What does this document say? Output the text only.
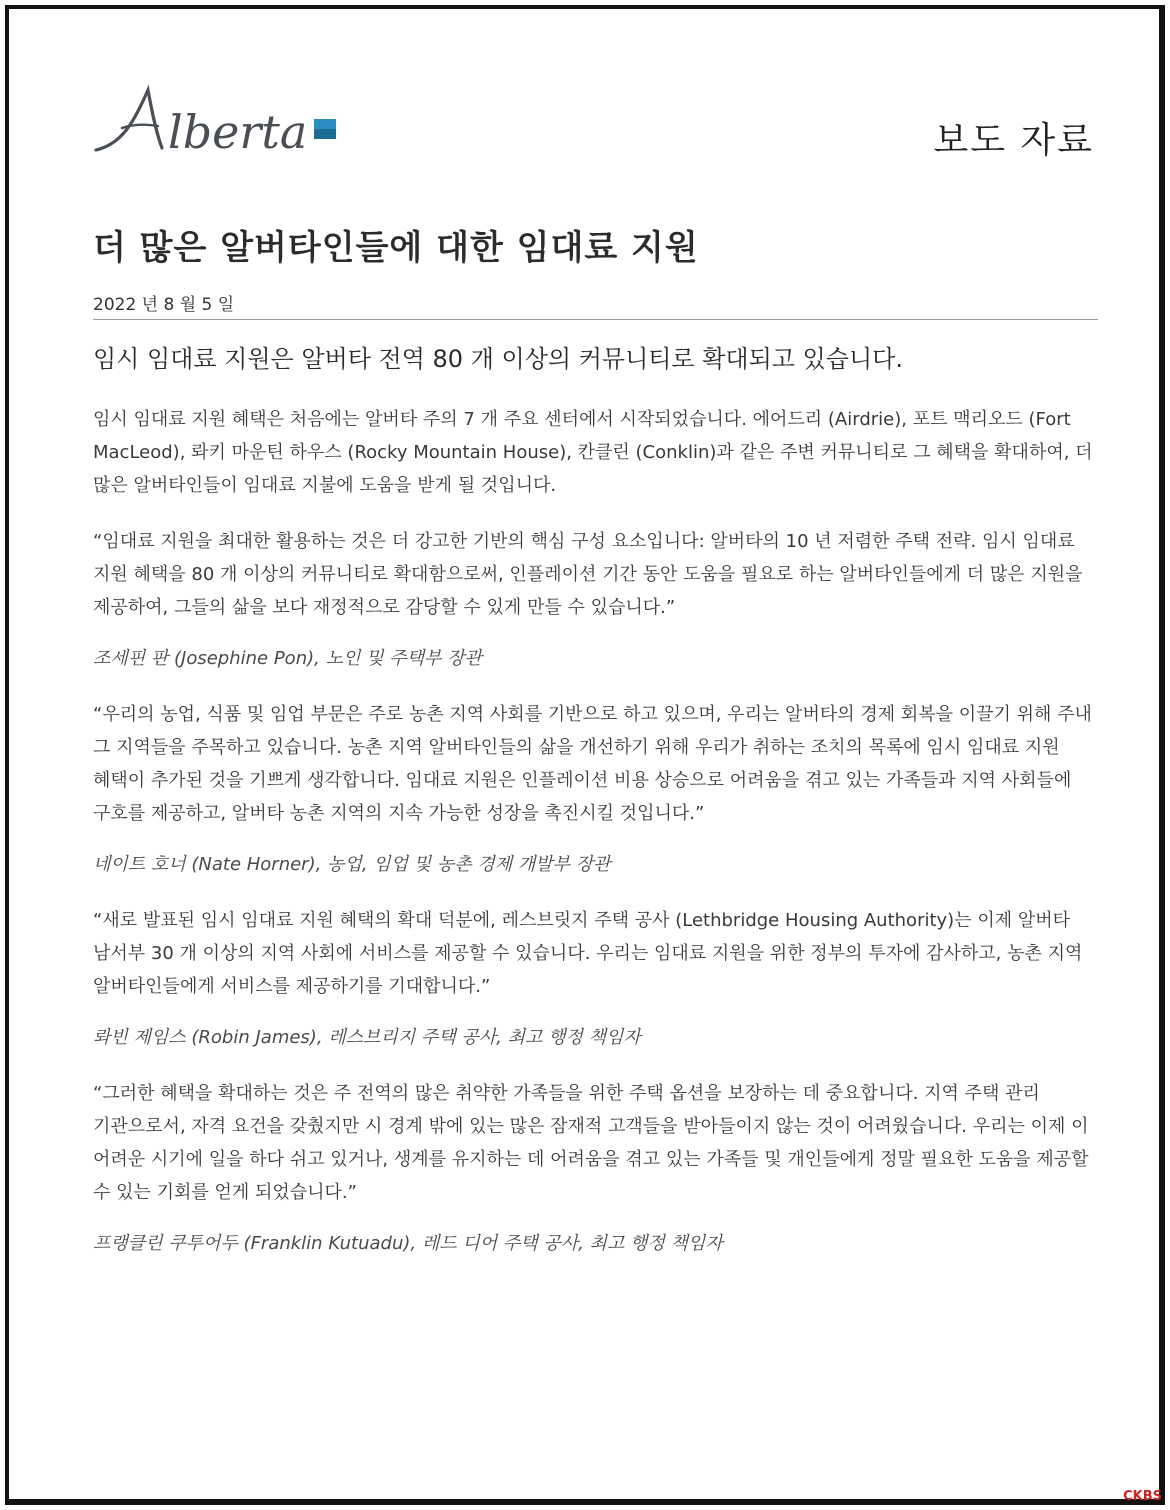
lberta	보도 자료
더 많은 알버타인들에 대한 임대료 지원
2022 년 8 월 5 일
임시 임대료 지원은 알버타 전역 80 개 이상의 커뮤니티로 확대되고 있습니다.

임시 임대료 지원 혜택은 처음에는 알버타 주의 7 개 주요 센터에서 시작되었습니다. 에어드리 (Airdrie), 포트 맥리오드 (Fort MacLeod), 롸키 마운틴 하우스 (Rocky Mountain House), 칸클린 (Conklin)과 같은 주변 커뮤니티로 그 혜택을 확대하여, 더 많은 알버타인들이 임대료 지불에 도움을 받게 될 것입니다.

“임대료 지원을 최대한 활용하는 것은 더 강고한 기반의 핵심 구성 요소입니다: 알버타의 10 년 저렴한 주택 전략. 임시 임대료 지원 혜택을 80 개 이상의 커뮤니티로 확대함으로써, 인플레이션 기간 동안 도움을 필요로 하는 알버타인들에게 더 많은 지원을 제공하여, 그들의 삶을 보다 재정적으로 감당할 수 있게 만들 수 있습니다.”

조세핀 판 (Josephine Pon), 노인 및 주택부 장관

“우리의 농업, 식품 및 임업 부문은 주로 농촌 지역 사회를 기반으로 하고 있으며, 우리는 알버타의 경제 회복을 이끌기 위해 주내 그 지역들을 주목하고 있습니다. 농촌 지역 알버타인들의 삶을 개선하기 위해 우리가 취하는 조치의 목록에 임시 임대료 지원 혜택이 추가된 것을 기쁘게 생각합니다. 임대료 지원은 인플레이션 비용 상승으로 어려움을 겪고 있는 가족들과 지역 사회들에 구호를 제공하고, 알버타 농촌 지역의 지속 가능한 성장을 촉진시킬 것입니다.”

네이트 호너 (Nate Horner), 농업, 임업 및 농촌 경제 개발부 장관

“새로 발표된 임시 임대료 지원 혜택의 확대 덕분에, 레스브릿지 주택 공사 (Lethbridge Housing Authority)는 이제 알버타 남서부 30 개 이상의 지역 사회에 서비스를 제공할 수 있습니다. 우리는 임대료 지원을 위한 정부의 투자에 감사하고, 농촌 지역 알버타인들에게 서비스를 제공하기를 기대합니다.”

롸빈 제임스 (Robin James), 레스브리지 주택 공사, 최고 행정 책임자

“그러한 혜택을 확대하는 것은 주 전역의 많은 취약한 가족들을 위한 주택 옵션을 보장하는 데 중요합니다. 지역 주택 관리 기관으로서, 자격 요건을 갖췄지만 시 경계 밖에 있는 많은 잠재적 고객들을 받아들이지 않는 것이 어려웠습니다. 우리는 이제 이 어려운 시기에 일을 하다 쉬고 있거나, 생계를 유지하는 데 어려움을 겪고 있는 가족들 및 개인들에게 정말 필요한 도움을 제공할 수 있는 기회를 얻게 되었습니다.”

프랭클린 쿠투어두 (Franklin Kutuadu), 레드 디어 주택 공사, 최고 행정 책임자

CKBS
